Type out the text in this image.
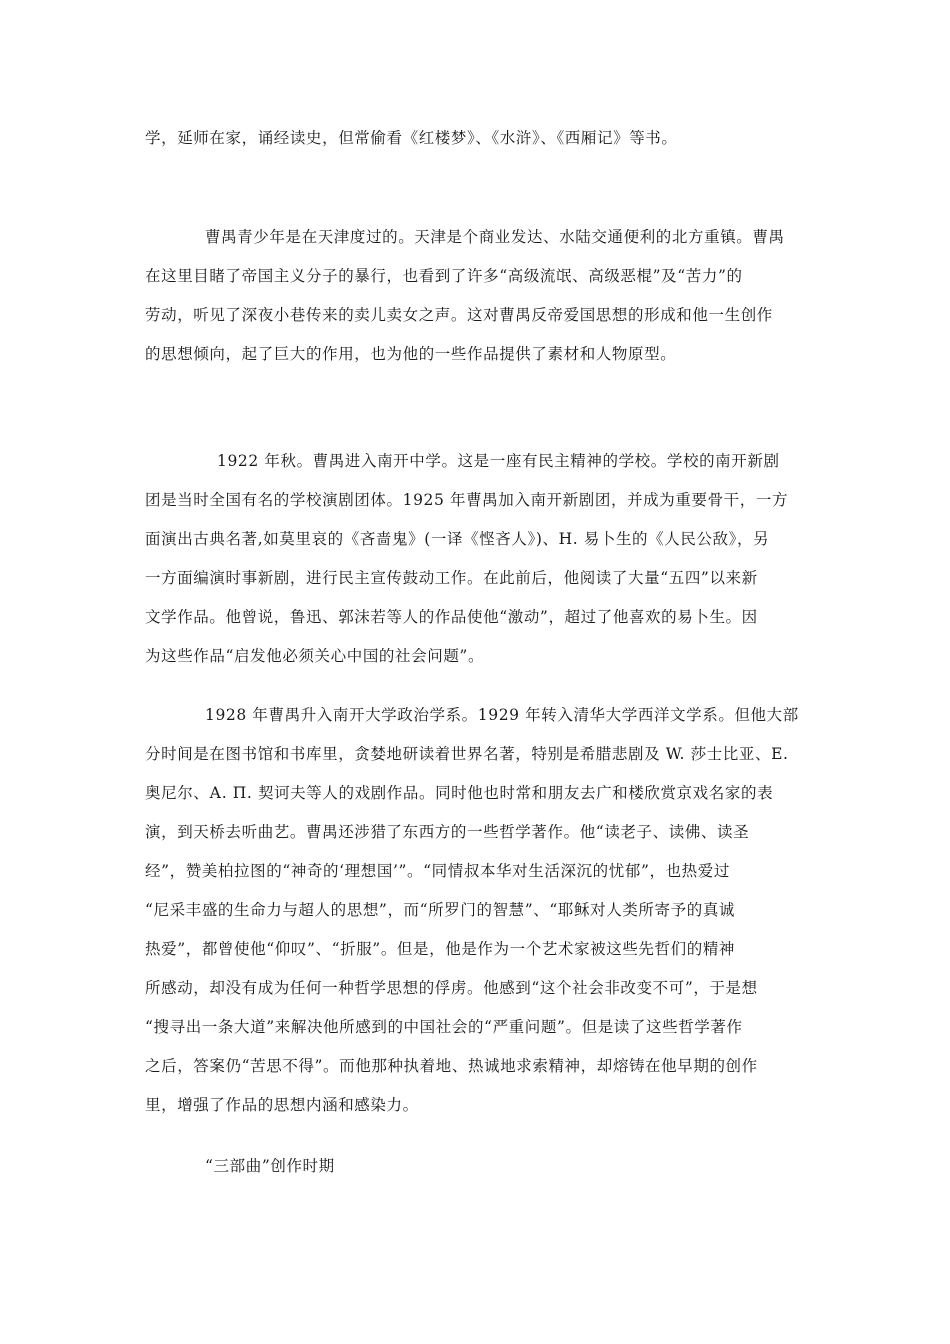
学，延师在家，诵经读史，但常偷看《红楼梦》、《水浒》、《西厢记》等书。

曹禺青少年是在天津度过的。天津是个商业发达、水陆交通便利的北方重镇。曹禺

在这里目睹了帝国主义分子的暴行，也看到了许多“高级流氓、高级恶棍”及“苦力”的

劳动，听见了深夜小巷传来的卖儿卖女之声。这对曹禺反帝爱国思想的形成和他一生创作

的思想倾向，起了巨大的作用，也为他的一些作品提供了素材和人物原型。

1922 年秋。曹禺进入南开中学。这是一座有民主精神的学校。学校的南开新剧

团是当时全国有名的学校演剧团体。1925 年曹禺加入南开新剧团，并成为重要骨干，一方

面演出古典名著,如莫里哀的《吝啬鬼》(一译《悭吝人》)、H. 易卜生的《人民公敌》，另

一方面编演时事新剧，进行民主宣传鼓动工作。在此前后，他阅读了大量“五四”以来新

文学作品。他曾说，鲁迅、郭沫若等人的作品使他“激动”，超过了他喜欢的易卜生。因

为这些作品“启发他必须关心中国的社会问题”。

1928 年曹禺升入南开大学政治学系。1929 年转入清华大学西洋文学系。但他大部

分时间是在图书馆和书库里，贪婪地研读着世界名著，特别是希腊悲剧及 W. 莎士比亚、E.

奥尼尔、А. П. 契诃夫等人的戏剧作品。同时他也时常和朋友去广和楼欣赏京戏名家的表

演，到天桥去听曲艺。曹禺还涉猎了东西方的一些哲学著作。他“读老子、读佛、读圣

经”，赞美柏拉图的“神奇的‘理想国’”。“同情叔本华对生活深沉的忧郁”，也热爱过

“尼采丰盛的生命力与超人的思想”，而“所罗门的智慧”、“耶稣对人类所寄予的真诚

热爱”，都曾使他“仰叹”、“折服”。但是，他是作为一个艺术家被这些先哲们的精神

所感动，却没有成为任何一种哲学思想的俘虏。他感到“这个社会非改变不可”，于是想

“搜寻出一条大道”来解决他所感到的中国社会的“严重问题”。但是读了这些哲学著作

之后，答案仍“苦思不得”。而他那种执着地、热诚地求索精神，却熔铸在他早期的创作

里，增强了作品的思想内涵和感染力。

“三部曲”创作时期
